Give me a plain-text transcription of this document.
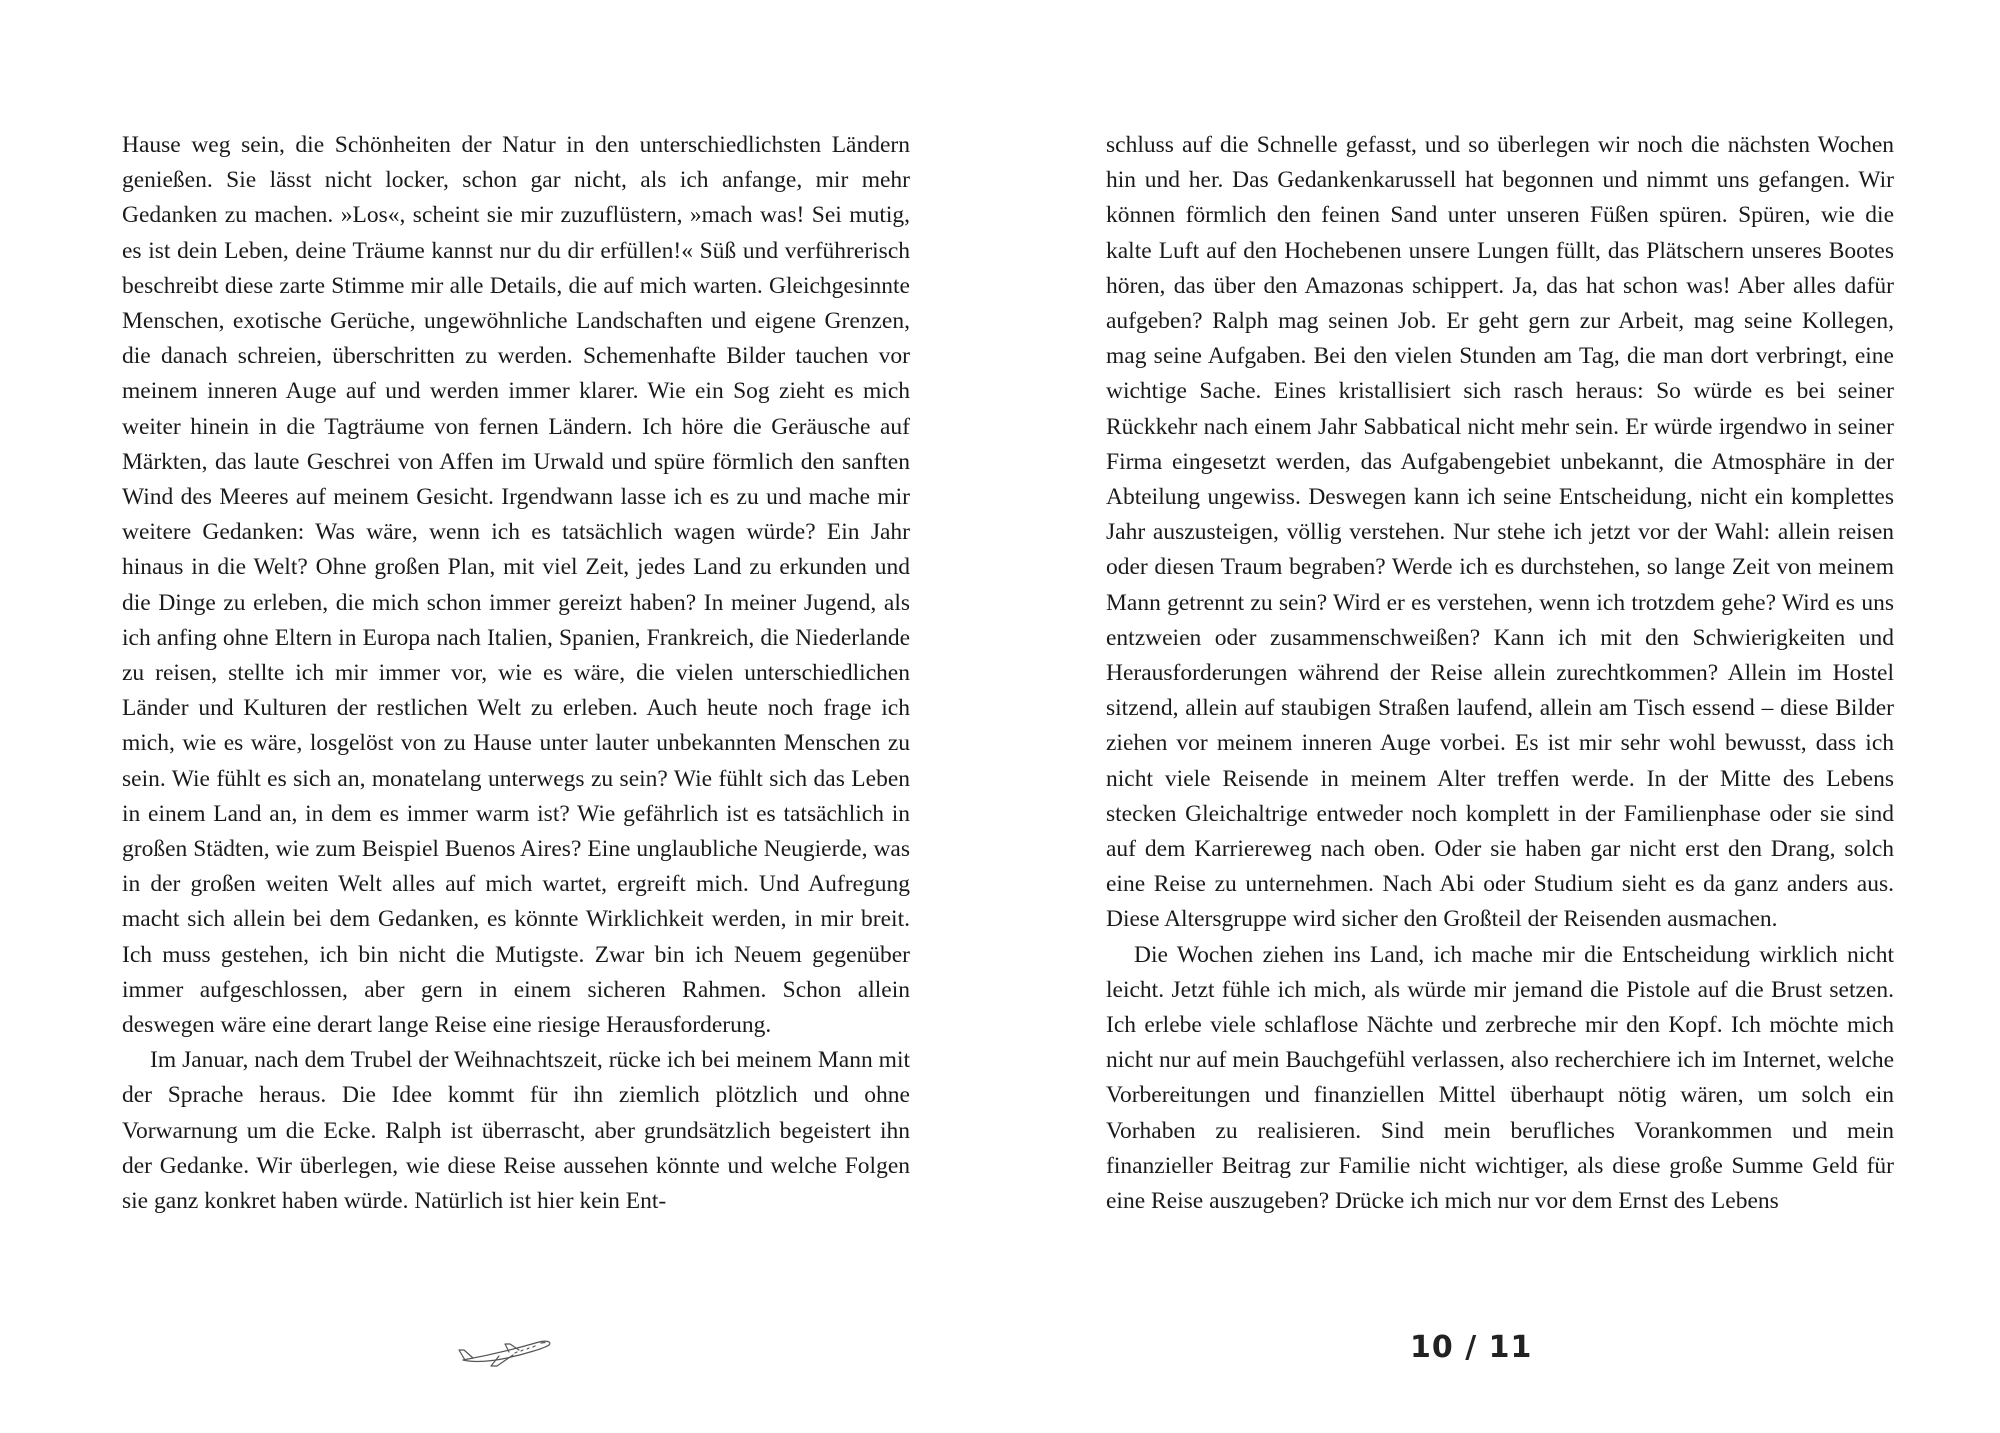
Hause weg sein, die Schönheiten der Natur in den unterschiedlichsten Ländern genießen. Sie lässt nicht locker, schon gar nicht, als ich anfange, mir mehr Gedanken zu machen. »Los«, scheint sie mir zuzuflüstern, »mach was! Sei mutig, es ist dein Leben, deine Träume kannst nur du dir erfüllen!« Süß und verführerisch beschreibt diese zarte Stimme mir alle Details, die auf mich warten. Gleichgesinnte Menschen, exotische Gerüche, ungewöhnliche Landschaften und eigene Grenzen, die danach schreien, überschritten zu werden. Schemenhafte Bilder tauchen vor meinem inneren Auge auf und werden immer klarer. Wie ein Sog zieht es mich weiter hinein in die Tagträume von fernen Ländern. Ich höre die Geräusche auf Märkten, das laute Geschrei von Affen im Urwald und spüre förmlich den sanften Wind des Meeres auf meinem Gesicht. Irgendwann lasse ich es zu und mache mir weitere Gedanken: Was wäre, wenn ich es tatsächlich wagen würde? Ein Jahr hinaus in die Welt? Ohne großen Plan, mit viel Zeit, jedes Land zu erkunden und die Dinge zu erleben, die mich schon immer gereizt haben? In meiner Jugend, als ich anfing ohne Eltern in Europa nach Italien, Spanien, Frankreich, die Niederlande zu reisen, stellte ich mir immer vor, wie es wäre, die vielen unterschiedlichen Länder und Kulturen der restlichen Welt zu erleben. Auch heute noch frage ich mich, wie es wäre, losgelöst von zu Hause unter lauter unbekannten Menschen zu sein. Wie fühlt es sich an, monatelang unterwegs zu sein? Wie fühlt sich das Leben in einem Land an, in dem es immer warm ist? Wie gefährlich ist es tatsächlich in großen Städten, wie zum Beispiel Buenos Aires? Eine unglaubliche Neugierde, was in der großen weiten Welt alles auf mich wartet, ergreift mich. Und Aufregung macht sich allein bei dem Gedanken, es könnte Wirklichkeit werden, in mir breit. Ich muss gestehen, ich bin nicht die Mutigste. Zwar bin ich Neuem gegenüber immer aufgeschlossen, aber gern in einem sicheren Rahmen. Schon allein deswegen wäre eine derart lange Reise eine riesige Herausforderung.

Im Januar, nach dem Trubel der Weihnachtszeit, rücke ich bei meinem Mann mit der Sprache heraus. Die Idee kommt für ihn ziemlich plötzlich und ohne Vorwarnung um die Ecke. Ralph ist überrascht, aber grundsätzlich begeistert ihn der Gedanke. Wir überlegen, wie diese Reise aussehen könnte und welche Folgen sie ganz konkret haben würde. Natürlich ist hier kein Ent-

schluss auf die Schnelle gefasst, und so überlegen wir noch die nächsten Wochen hin und her. Das Gedankenkarussell hat begonnen und nimmt uns gefangen. Wir können förmlich den feinen Sand unter unseren Füßen spüren. Spüren, wie die kalte Luft auf den Hochebenen unsere Lungen füllt, das Plätschern unseres Bootes hören, das über den Amazonas schippert. Ja, das hat schon was! Aber alles dafür aufgeben? Ralph mag seinen Job. Er geht gern zur Arbeit, mag seine Kollegen, mag seine Aufgaben. Bei den vielen Stunden am Tag, die man dort verbringt, eine wichtige Sache. Eines kristallisiert sich rasch heraus: So würde es bei seiner Rückkehr nach einem Jahr Sabbatical nicht mehr sein. Er würde irgendwo in seiner Firma eingesetzt werden, das Aufgabengebiet unbekannt, die Atmosphäre in der Abteilung ungewiss. Deswegen kann ich seine Entscheidung, nicht ein komplettes Jahr auszusteigen, völlig verstehen. Nur stehe ich jetzt vor der Wahl: allein reisen oder diesen Traum begraben? Werde ich es durchstehen, so lange Zeit von meinem Mann getrennt zu sein? Wird er es verstehen, wenn ich trotzdem gehe? Wird es uns entzweien oder zusammenschweißen? Kann ich mit den Schwierigkeiten und Herausforderungen während der Reise allein zurechtkommen? Allein im Hostel sitzend, allein auf staubigen Straßen laufend, allein am Tisch essend – diese Bilder ziehen vor meinem inneren Auge vorbei. Es ist mir sehr wohl bewusst, dass ich nicht viele Reisende in meinem Alter treffen werde. In der Mitte des Lebens stecken Gleichaltrige entweder noch komplett in der Familienphase oder sie sind auf dem Karriereweg nach oben. Oder sie haben gar nicht erst den Drang, solch eine Reise zu unternehmen. Nach Abi oder Studium sieht es da ganz anders aus. Diese Altersgruppe wird sicher den Großteil der Reisenden ausmachen.

Die Wochen ziehen ins Land, ich mache mir die Entscheidung wirklich nicht leicht. Jetzt fühle ich mich, als würde mir jemand die Pistole auf die Brust setzen. Ich erlebe viele schlaflose Nächte und zerbreche mir den Kopf. Ich möchte mich nicht nur auf mein Bauchgefühl verlassen, also recherchiere ich im Internet, welche Vorbereitungen und finanziellen Mittel überhaupt nötig wären, um solch ein Vorhaben zu realisieren. Sind mein berufliches Vorankommen und mein finanzieller Beitrag zur Familie nicht wichtiger, als diese große Summe Geld für eine Reise auszugeben? Drücke ich mich nur vor dem Ernst des Lebens

10 / 11
